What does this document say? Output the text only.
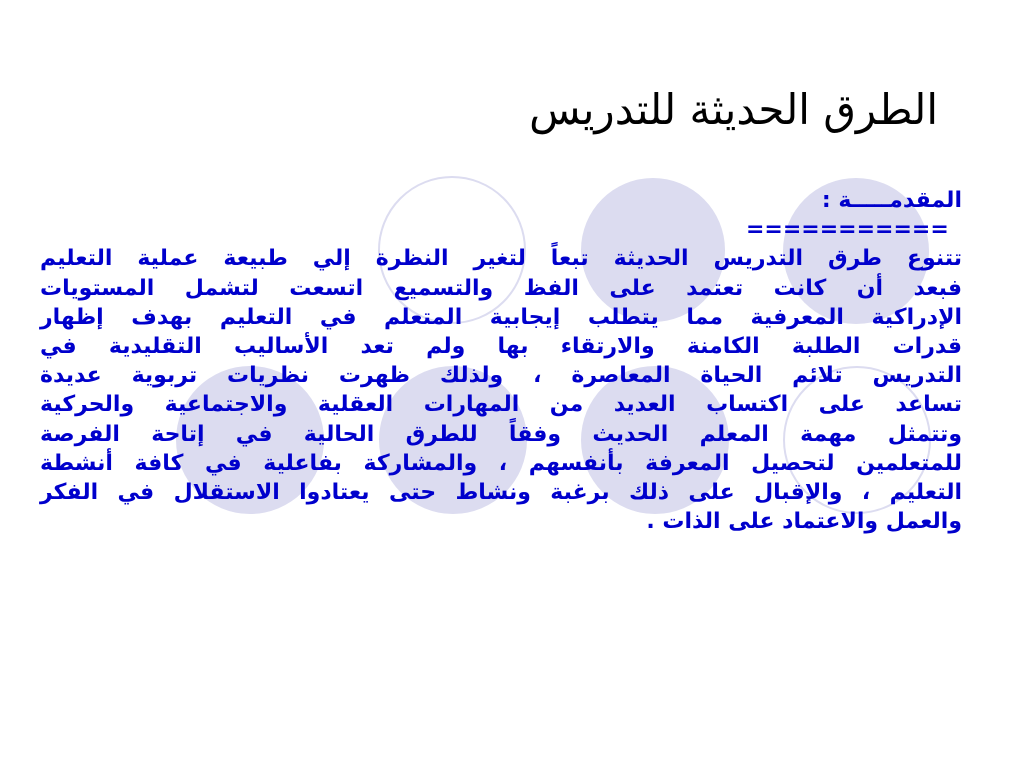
الطرق الحديثة للتدريس
المقدمـــــة :
===========
تتنوع طرق التدريس الحديثة تبعاً لتغير النظرة إلي طبيعة عملية التعليم
فبعد أن كانت تعتمد على الفظ والتسميع اتسعت لتشمل المستويات
الإدراكية المعرفية مما يتطلب إيجابية المتعلم في التعليم بهدف إظهار
قدرات الطلبة الكامنة والارتقاء بها ولم تعد الأساليب التقليدية في
التدريس تلائم الحياة المعاصرة ، ولذلك ظهرت نظريات تربوية عديدة
تساعد على اكتساب العديد من المهارات العقلية والاجتماعية والحركية
وتتمثل مهمة المعلم الحديث وفقاً للطرق الحالية في إتاحة الفرصة
للمتعلمين لتحصيل المعرفة بأنفسهم ، والمشاركة بفاعلية في كافة أنشطة
التعليم ، والإقبال على ذلك برغبة ونشاط حتى يعتادوا الاستقلال في الفكر
والعمل والاعتماد على الذات .
